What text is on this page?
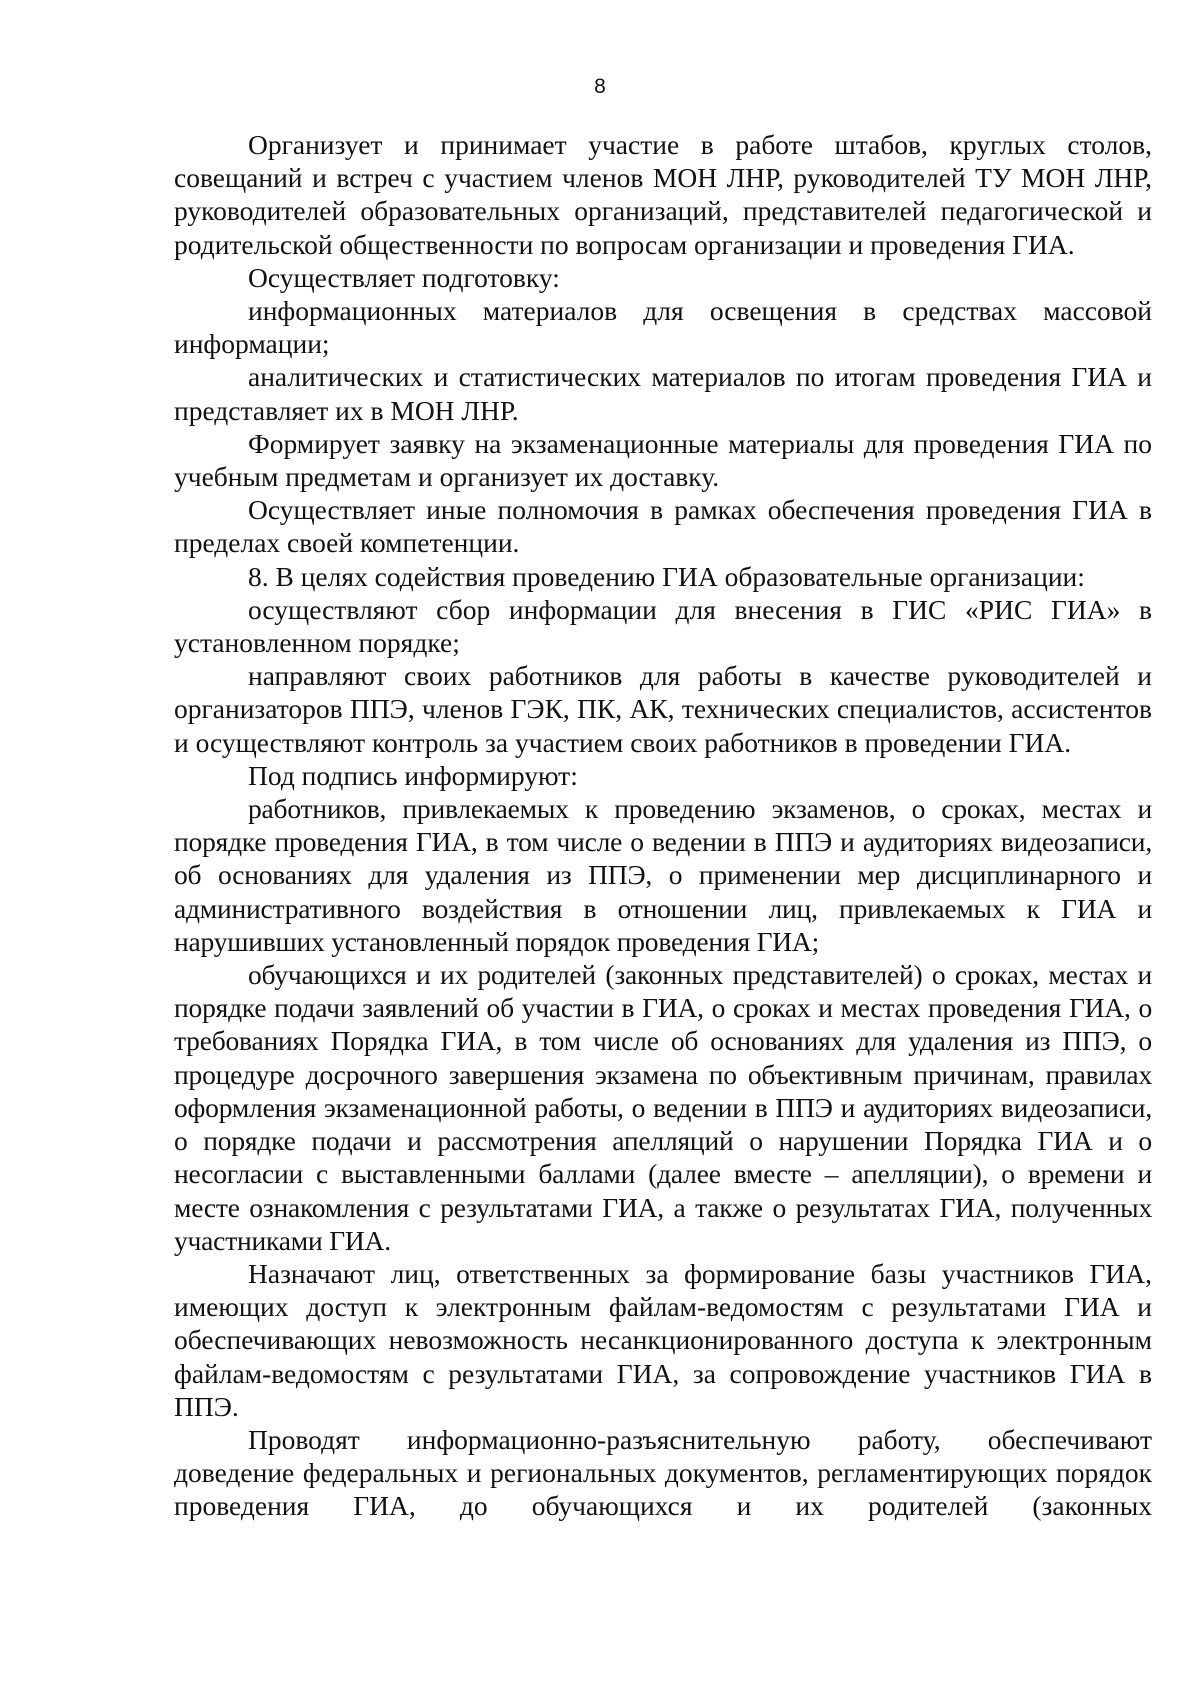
8

Организует и принимает участие в работе штабов, круглых столов, совещаний и встреч с участием членов МОН ЛНР, руководителей ТУ МОН ЛНР, руководителей образовательных организаций, представителей педагогической и родительской общественности по вопросам организации и проведения ГИА.

Осуществляет подготовку:

информационных материалов для освещения в средствах массовой информации;

аналитических и статистических материалов по итогам проведения ГИА и представляет их в МОН ЛНР.

Формирует заявку на экзаменационные материалы для проведения ГИА по учебным предметам и организует их доставку.

Осуществляет иные полномочия в рамках обеспечения проведения ГИА в пределах своей компетенции.

8. В целях содействия проведению ГИА образовательные организации:

осуществляют сбор информации для внесения в ГИС «РИС ГИА» в установленном порядке;

направляют своих работников для работы в качестве руководителей и организаторов ППЭ, членов ГЭК, ПК, АК, технических специалистов, ассистентов и осуществляют контроль за участием своих работников в проведении ГИА.

Под подпись информируют:

работников, привлекаемых к проведению экзаменов, о сроках, местах и порядке проведения ГИА, в том числе о ведении в ППЭ и аудиториях видеозаписи, об основаниях для удаления из ППЭ, о применении мер дисциплинарного и административного воздействия в отношении лиц, привлекаемых к ГИА и нарушивших установленный порядок проведения ГИА;

обучающихся и их родителей (законных представителей) о сроках, местах и порядке подачи заявлений об участии в ГИА, о сроках и местах проведения ГИА, о требованиях Порядка ГИА, в том числе об основаниях для удаления из ППЭ, о процедуре досрочного завершения экзамена по объективным причинам, правилах оформления экзаменационной работы, о ведении в ППЭ и аудиториях видеозаписи, о порядке подачи и рассмотрения апелляций о нарушении Порядка ГИА и о несогласии с выставленными баллами (далее вместе – апелляции), о времени и месте ознакомления с результатами ГИА, а также о результатах ГИА, полученных участниками ГИА.

Назначают лиц, ответственных за формирование базы участников ГИА, имеющих доступ к электронным файлам-ведомостям с результатами ГИА и обеспечивающих невозможность несанкционированного доступа к электронным файлам-ведомостям с результатами ГИА, за сопровождение участников ГИА в ППЭ.

Проводят информационно-разъяснительную работу, обеспечивают доведение федеральных и региональных документов, регламентирующих порядок проведения ГИА, до обучающихся и их родителей (законных
